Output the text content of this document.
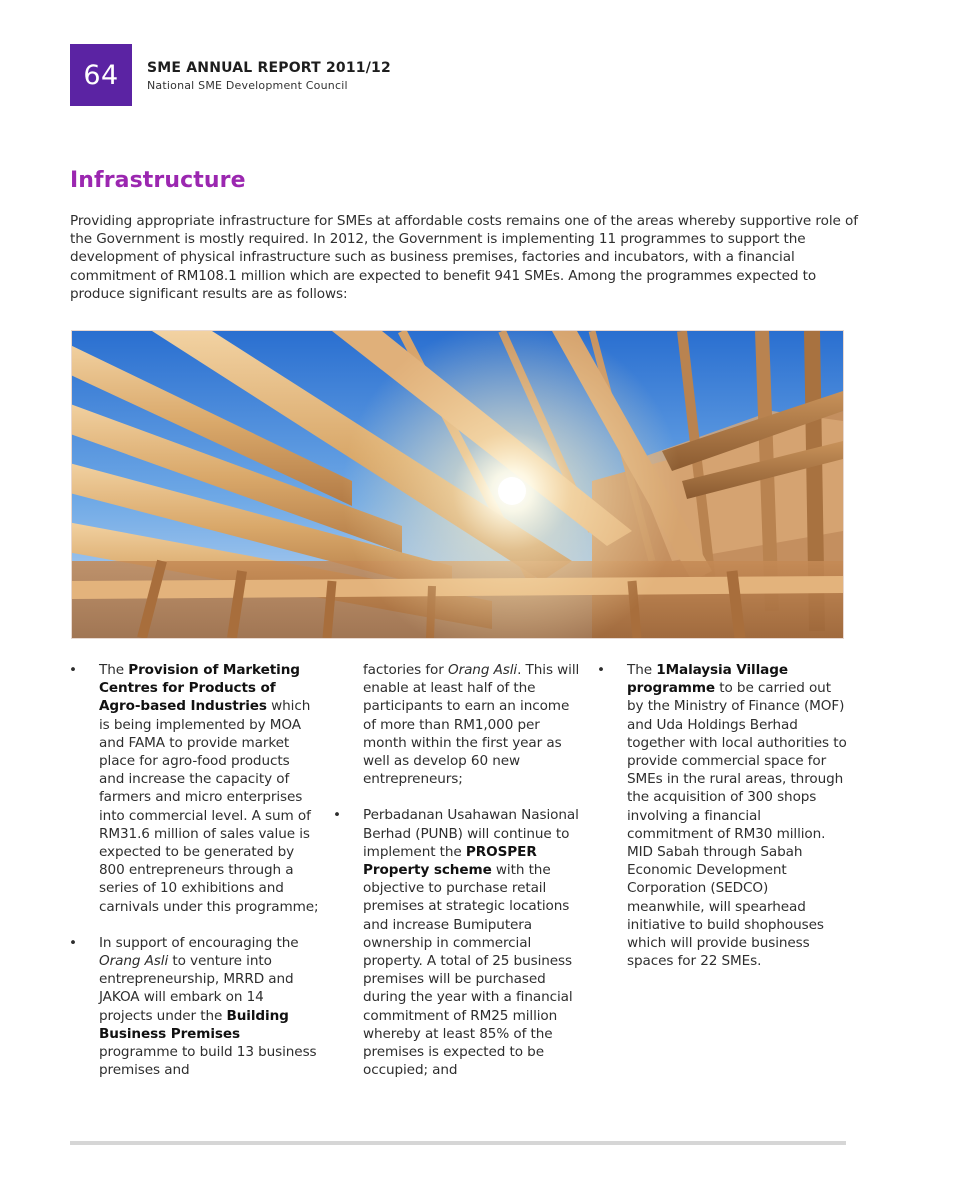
64	SME ANNUAL REPORT 2011/12
National SME Development Council
Infrastructure

Providing appropriate infrastructure for SMEs at affordable costs remains one of the areas whereby supportive role of the Government is mostly required. In 2012, the Government is implementing 11 programmes to support the development of physical infrastructure such as business premises, factories and incubators, with a financial commitment of RM108.1 million which are expected to benefit 941 SMEs. Among the programmes expected to produce significant results are as follows:

• The Provision of Marketing Centres for Products of Agro-based Industries which is being implemented by MOA and FAMA to provide market place for agro-food products and increase the capacity of farmers and micro enterprises into commercial level. A sum of RM31.6 million of sales value is expected to be generated by 800 entrepreneurs through a series of 10 exhibitions and carnivals under this programme;

• In support of encouraging the Orang Asli to venture into entrepreneurship, MRRD and JAKOA will embark on 14 projects under the Building Business Premises programme to build 13 business premises and

factories for Orang Asli. This will enable at least half of the participants to earn an income of more than RM1,000 per month within the first year as well as develop 60 new entrepreneurs;

• Perbadanan Usahawan Nasional Berhad (PUNB) will continue to implement the PROSPER Property scheme with the objective to purchase retail premises at strategic locations and increase Bumiputera ownership in commercial property. A total of 25 business premises will be purchased during the year with a financial commitment of RM25 million whereby at least 85% of the premises is expected to be occupied; and

• The 1Malaysia Village programme to be carried out by the Ministry of Finance (MOF) and Uda Holdings Berhad together with local authorities to provide commercial space for SMEs in the rural areas, through the acquisition of 300 shops involving a financial commitment of RM30 million. MID Sabah through Sabah Economic Development Corporation (SEDCO) meanwhile, will spearhead initiative to build shophouses which will provide business spaces for 22 SMEs.
